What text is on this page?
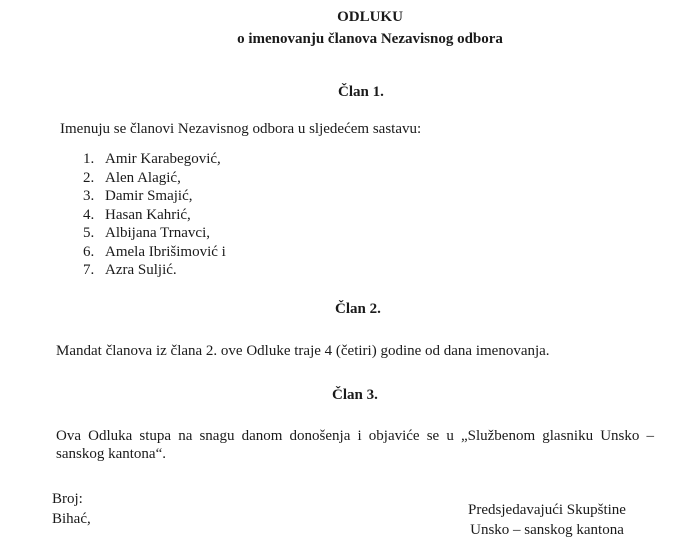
ODLUKU
o imenovanju članova Nezavisnog odbora
Član 1.
Imenuju se članovi Nezavisnog odbora u sljedećem sastavu:
1. Amir Karabegović,
2. Alen Alagić,
3. Damir Smajić,
4. Hasan Kahrić,
5. Albijana Trnavci,
6. Amela Ibrišimović i
7. Azra Suljić.
Član 2.
Mandat članova iz člana 2. ove Odluke traje 4 (četiri) godine od dana imenovanja.
Član 3.
Ova Odluka stupa na snagu danom donošenja i objaviće se u „Službenom glasniku Unsko – sanskog kantona“.
Broj:
Bihać,
Predsjedavajući Skupštine
Unsko – sanskog kantona
